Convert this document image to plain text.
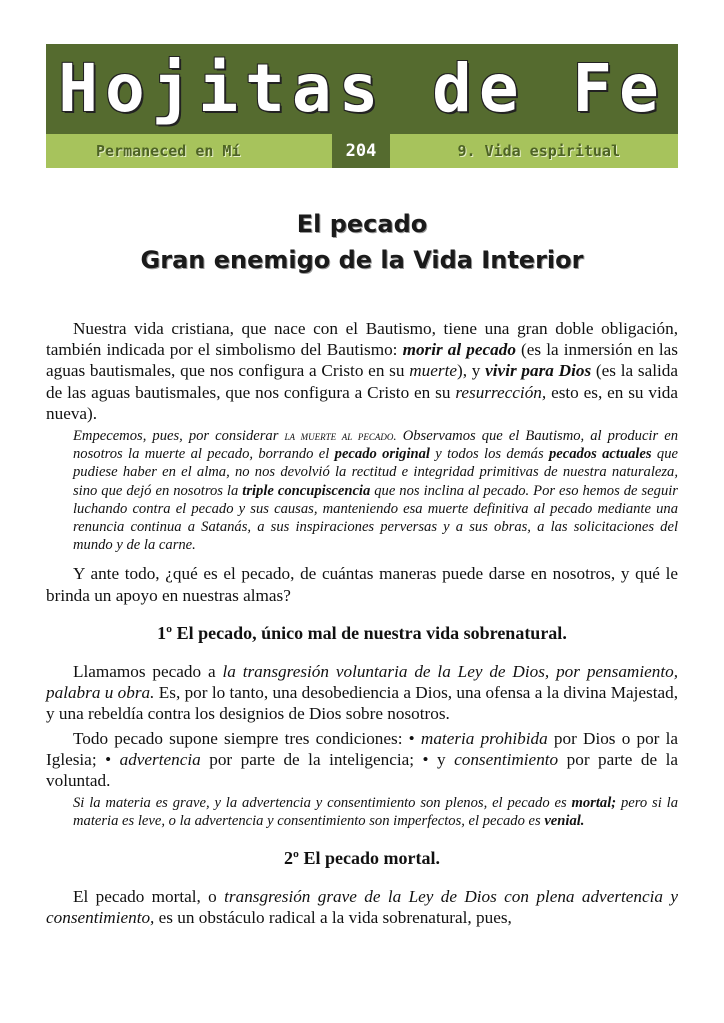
Hojitas de Fe
Permaneced en Mí	204	9. Vida espiritual
El pecado
Gran enemigo de la Vida Interior

Nuestra vida cristiana, que nace con el Bautismo, tiene una gran doble obligación, también indicada por el simbolismo del Bautismo: morir al pecado (es la inmersión en las aguas bautismales, que nos configura a Cristo en su muerte), y vivir para Dios (es la salida de las aguas bautismales, que nos configura a Cristo en su resurrección, esto es, en su vida nueva).

Empecemos, pues, por considerar la muerte al pecado. Observamos que el Bautismo, al producir en nosotros la muerte al pecado, borrando el pecado original y todos los demás pecados actuales que pudiese haber en el alma, no nos devolvió la rectitud e integridad primitivas de nuestra naturaleza, sino que dejó en nosotros la triple concupiscencia que nos inclina al pecado. Por eso hemos de seguir luchando contra el pecado y sus causas, manteniendo esa muerte definitiva al pecado mediante una renuncia continua a Satanás, a sus inspiraciones perversas y a sus obras, a las solicitaciones del mundo y de la carne.

Y ante todo, ¿qué es el pecado, de cuántas maneras puede darse en nosotros, y qué le brinda un apoyo en nuestras almas?

1º El pecado, único mal de nuestra vida sobrenatural.

Llamamos pecado a la transgresión voluntaria de la Ley de Dios, por pensamiento, palabra u obra. Es, por lo tanto, una desobediencia a Dios, una ofensa a la divina Majestad, y una rebeldía contra los designios de Dios sobre nosotros.

Todo pecado supone siempre tres condiciones: • materia prohibida por Dios o por la Iglesia; • advertencia por parte de la inteligencia; • y consentimiento por parte de la voluntad.

Si la materia es grave, y la advertencia y consentimiento son plenos, el pecado es mortal; pero si la materia es leve, o la advertencia y consentimiento son imperfectos, el pecado es venial.

2º El pecado mortal.

El pecado mortal, o transgresión grave de la Ley de Dios con plena advertencia y consentimiento, es un obstáculo radical a la vida sobrenatural, pues,
